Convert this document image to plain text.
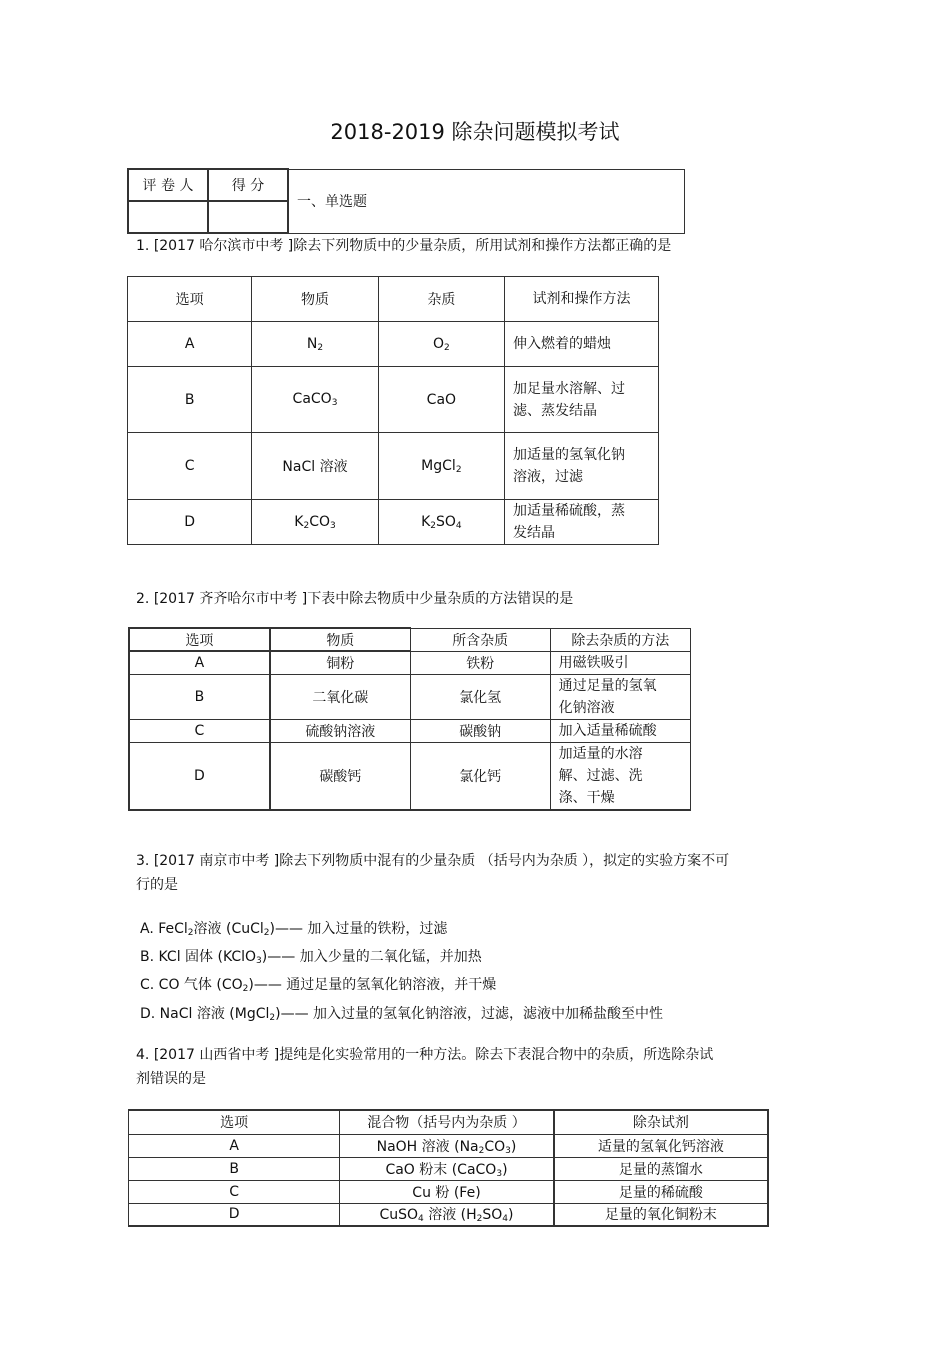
2018-2019 除杂问题模拟考试
评 卷 人	得 分	一、单选题

1. [2017 哈尔滨市中考 ]除去下列物质中的少量杂质，所用试剂和操作方法都正确的是
选项	物质	杂质	试剂和操作方法
A	$N_2$	$O_2$	伸入燃着的蜡烛
B	CaCO$_3$	CaO	加足量水溶解、过滤、蒸发结晶
C	NaCl 溶液	MgCl$_2$	加适量的氢氧化钠溶液，过滤
D	$K_2CO_3$	$K_2SO_4$	加适量稀硫酸，蒸发结晶
2. [2017 齐齐哈尔市中考 ]下表中除去物质中少量杂质的方法错误的是
选项	物质	所含杂质	除去杂质的方法
A	铜粉	铁粉	用磁铁吸引
B	二氧化碳	氯化氢	通过足量的氢氧化钠溶液
C	硫酸钠溶液	碳酸钠	加入适量稀硫酸
D	碳酸钙	氯化钙	加适量的水溶解、过滤、洗涤、干燥
3. [2017 南京市中考 ]除去下列物质中混有的少量杂质 （括号内为杂质 ），拟定的实验方案不可
行的是
A. FeCl$_2$溶液 (CuCl$_2$)—— 加入过量的铁粉，过滤
B. KCl 固体 (KClO$_3$)—— 加入少量的二氧化锰，并加热
C. CO 气体 $(CO_2)——$ 通过足量的氢氧化钠溶液，并干燥
D. NaCl 溶液 (MgCl$_2$)—— 加入过量的氢氧化钠溶液，过滤，滤液中加稀盐酸至中性
4. [2017 山西省中考 ]提纯是化实验常用的一种方法。除去下表混合物中的杂质，所选除杂试
剂错误的是
选项	混合物（括号内为杂质 ）	除杂试剂
A	NaOH 溶液 $(Na_2CO_3)$	适量的氢氧化钙溶液
B	CaO 粉末 (CaCO$_3$)	足量的蒸馏水
C	Cu 粉 (Fe)	足量的稀硫酸
D	CuSO$_4$ 溶液 $(H_2SO_4)$	足量的氧化铜粉末
